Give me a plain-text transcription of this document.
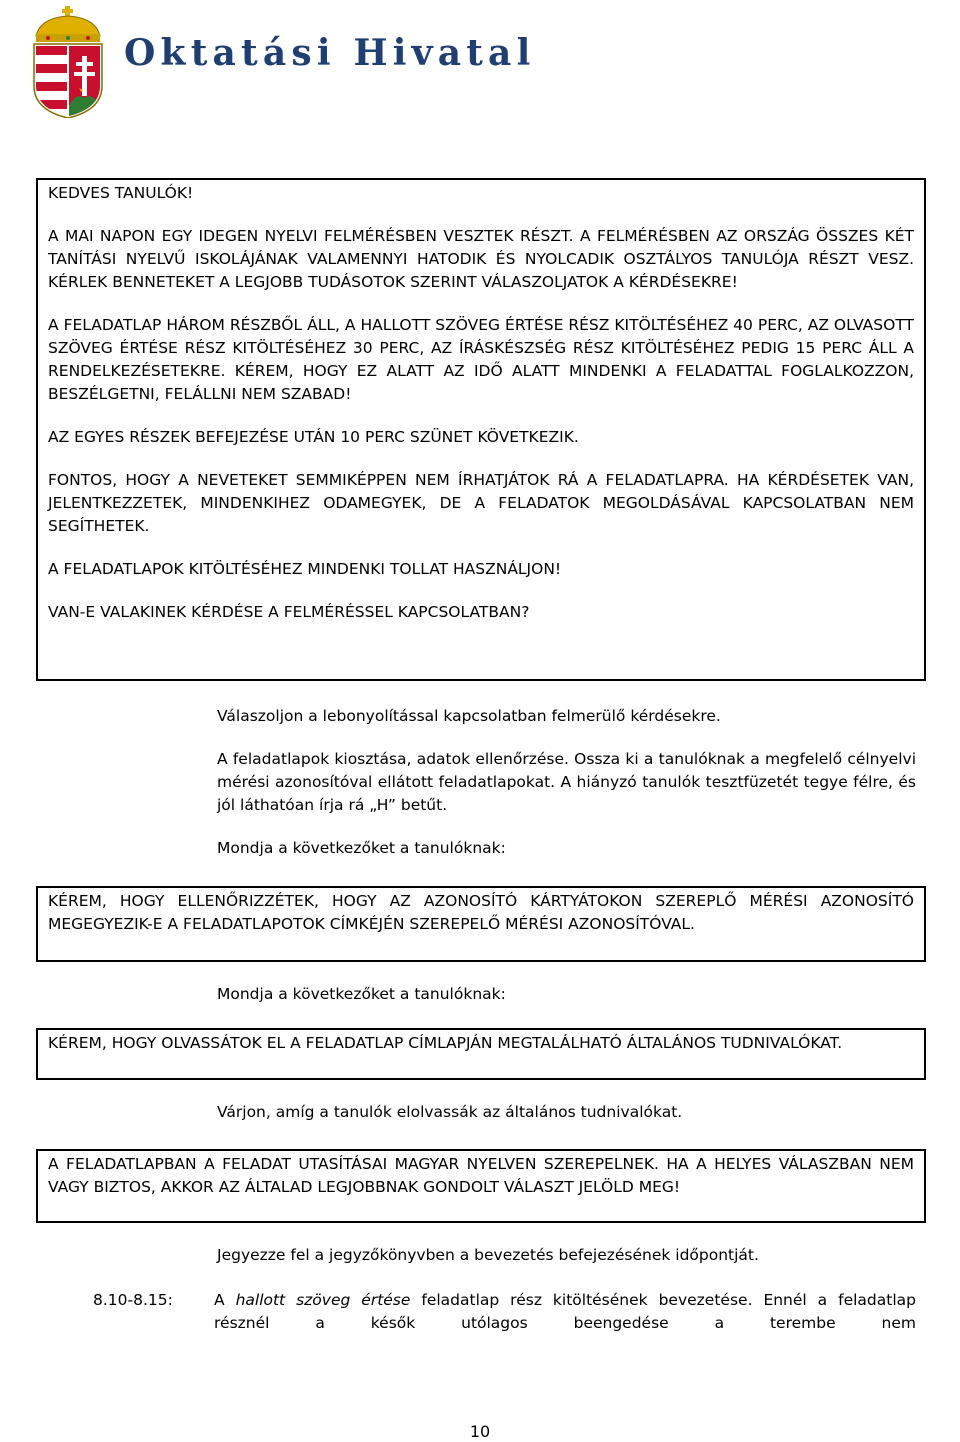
Oktatási Hivatal

KEDVES TANULÓK!

A MAI NAPON EGY IDEGEN NYELVI FELMÉRÉSBEN VESZTEK RÉSZT. A FELMÉRÉSBEN AZ ORSZÁG ÖSSZES KÉT TANÍTÁSI NYELVŰ ISKOLÁJÁNAK VALAMENNYI HATODIK ÉS NYOLCADIK OSZTÁLYOS TANULÓJA RÉSZT VESZ. KÉRLEK BENNETEKET A LEGJOBB TUDÁSOTOK SZERINT VÁLASZOLJATOK A KÉRDÉSEKRE!

A FELADATLAP HÁROM RÉSZBŐL ÁLL, A HALLOTT SZÖVEG ÉRTÉSE RÉSZ KITÖLTÉSÉHEZ 40 PERC, AZ OLVASOTT SZÖVEG ÉRTÉSE RÉSZ KITÖLTÉSÉHEZ 30 PERC, AZ ÍRÁSKÉSZSÉG RÉSZ KITÖLTÉSÉHEZ PEDIG 15 PERC ÁLL A RENDELKEZÉSETEKRE. KÉREM, HOGY EZ ALATT AZ IDŐ ALATT MINDENKI A FELADATTAL FOGLALKOZZON, BESZÉLGETNI, FELÁLLNI NEM SZABAD!

AZ EGYES RÉSZEK BEFEJEZÉSE UTÁN 10 PERC SZÜNET KÖVETKEZIK.

FONTOS, HOGY A NEVETEKET SEMMIKÉPPEN NEM ÍRHATJÁTOK RÁ A FELADATLAPRA. HA KÉRDÉSETEK VAN, JELENTKEZZETEK, MINDENKIHEZ ODAMEGYEK, DE A FELADATOK MEGOLDÁSÁVAL KAPCSOLATBAN NEM SEGÍTHETEK.

A FELADATLAPOK KITÖLTÉSÉHEZ MINDENKI TOLLAT HASZNÁLJON!

VAN-E VALAKINEK KÉRDÉSE A FELMÉRÉSSEL KAPCSOLATBAN?

Válaszoljon a lebonyolítással kapcsolatban felmerülő kérdésekre.

A feladatlapok kiosztása, adatok ellenőrzése. Ossza ki a tanulóknak a megfelelő célnyelvi mérési azonosítóval ellátott feladatlapokat. A hiányzó tanulók tesztfüzetét tegye félre, és jól láthatóan írja rá „H” betűt.

Mondja a következőket a tanulóknak:

KÉREM, HOGY ELLENŐRIZZÉTEK, HOGY AZ AZONOSÍTÓ KÁRTYÁTOKON SZEREPLŐ MÉRÉSI AZONOSÍTÓ MEGEGYEZIK-E A FELADATLAPOTOK CÍMKÉJÉN SZEREPELŐ MÉRÉSI AZONOSÍTÓVAL.

Mondja a következőket a tanulóknak:

KÉREM, HOGY OLVASSÁTOK EL A FELADATLAP CÍMLAPJÁN MEGTALÁLHATÓ ÁLTALÁNOS TUDNIVALÓKAT.

Várjon, amíg a tanulók elolvassák az általános tudnivalókat.

A FELADATLAPBAN A FELADAT UTASÍTÁSAI MAGYAR NYELVEN SZEREPELNEK. HA A HELYES VÁLASZBAN NEM VAGY BIZTOS, AKKOR AZ ÁLTALAD LEGJOBBNAK GONDOLT VÁLASZT JELÖLD MEG!

Jegyezze fel a jegyzőkönyvben a bevezetés befejezésének időpontját.

8.10-8.15:	A hallott szöveg értése feladatlap rész kitöltésének bevezetése. Ennél a feladatlap résznél a késők utólagos beengedése a terembe nem

10
